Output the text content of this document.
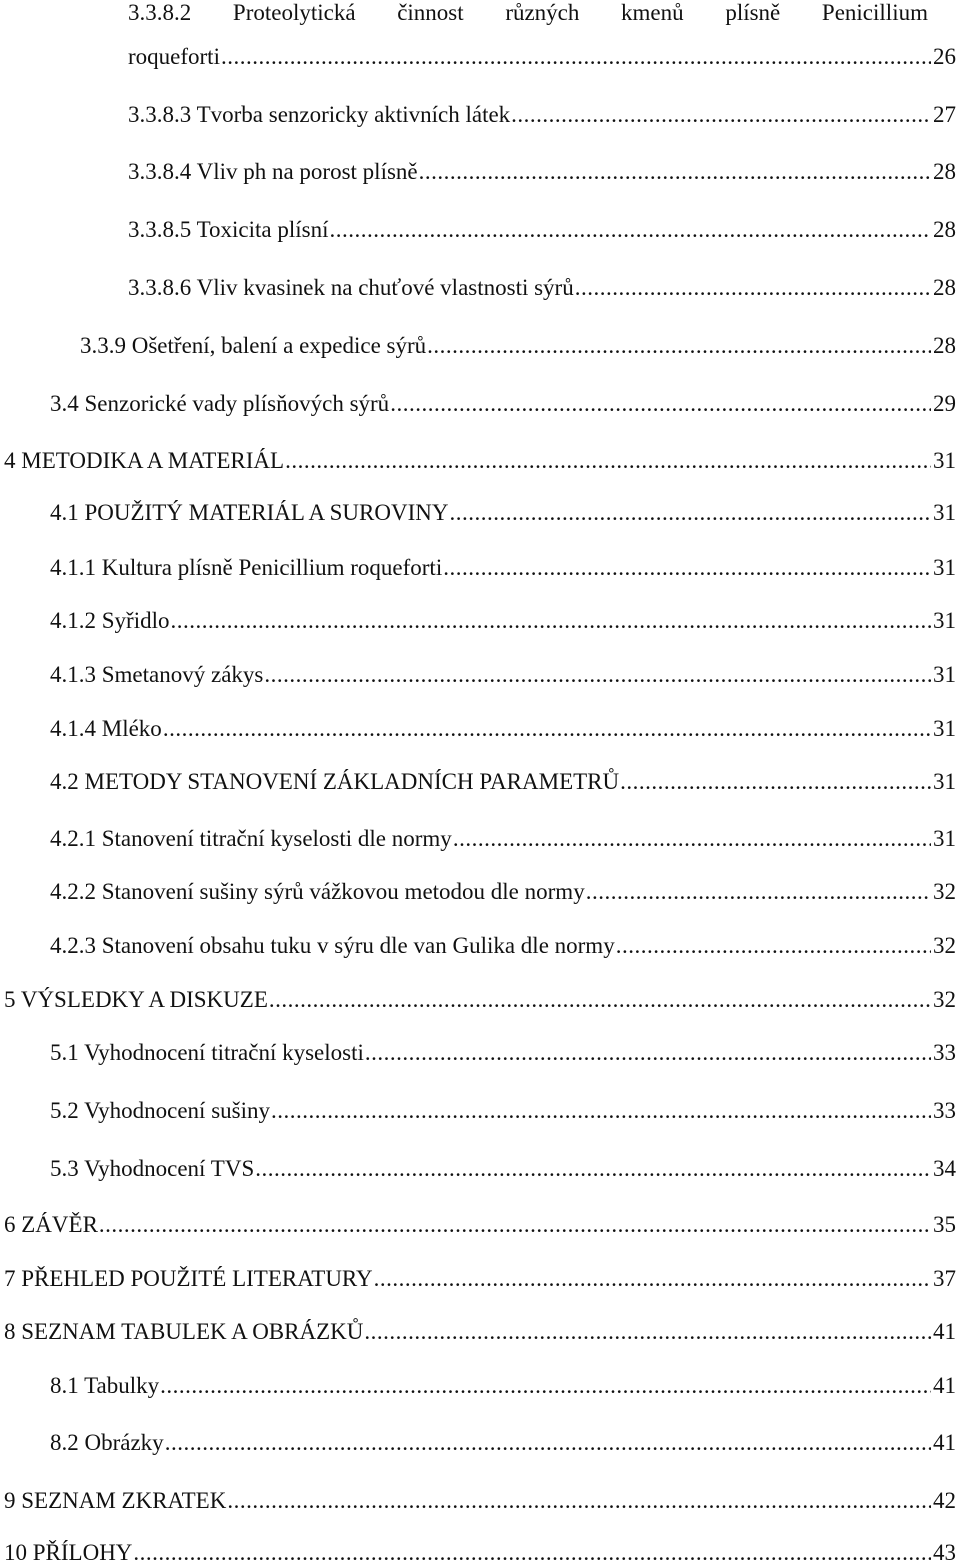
3.3.8.2 Proteolytická činnost různých kmenů plísně Penicillium
roqueforti .....	26
3.3.8.3 Tvorba senzoricky aktivních látek .....	27
3.3.8.4 Vliv ph na porost plísně .....	28
3.3.8.5 Toxicita plísní .....	28
3.3.8.6 Vliv kvasinek na chuťové vlastnosti sýrů .....	28
3.3.9 Ošetření, balení a expedice sýrů .....	28
3.4 Senzorické vady plísňových sýrů .....	29
4 METODIKA A MATERIÁL .....	31
4.1 POUŽITÝ MATERIÁL A SUROVINY .....	31
4.1.1 Kultura plísně Penicillium roqueforti .....	31
4.1.2 Syřidlo .....	31
4.1.3 Smetanový zákys .....	31
4.1.4 Mléko .....	31
4.2 METODY STANOVENÍ ZÁKLADNÍCH PARAMETRŮ .....	31
4.2.1 Stanovení titrační kyselosti dle normy .....	31
4.2.2 Stanovení sušiny sýrů vážkovou metodou dle normy .....	32
4.2.3 Stanovení obsahu tuku v sýru dle van Gulika dle normy .....	32
5 VÝSLEDKY A DISKUZE .....	32
5.1 Vyhodnocení titrační kyselosti .....	33
5.2 Vyhodnocení sušiny .....	33
5.3 Vyhodnocení TVS .....	34
6 ZÁVĚR .....	35
7 PŘEHLED POUŽITÉ LITERATURY .....	37
8 SEZNAM TABULEK A OBRÁZKŮ .....	41
8.1 Tabulky .....	41
8.2 Obrázky .....	41
9 SEZNAM ZKRATEK .....	42
10 PŘÍLOHY .....	43
